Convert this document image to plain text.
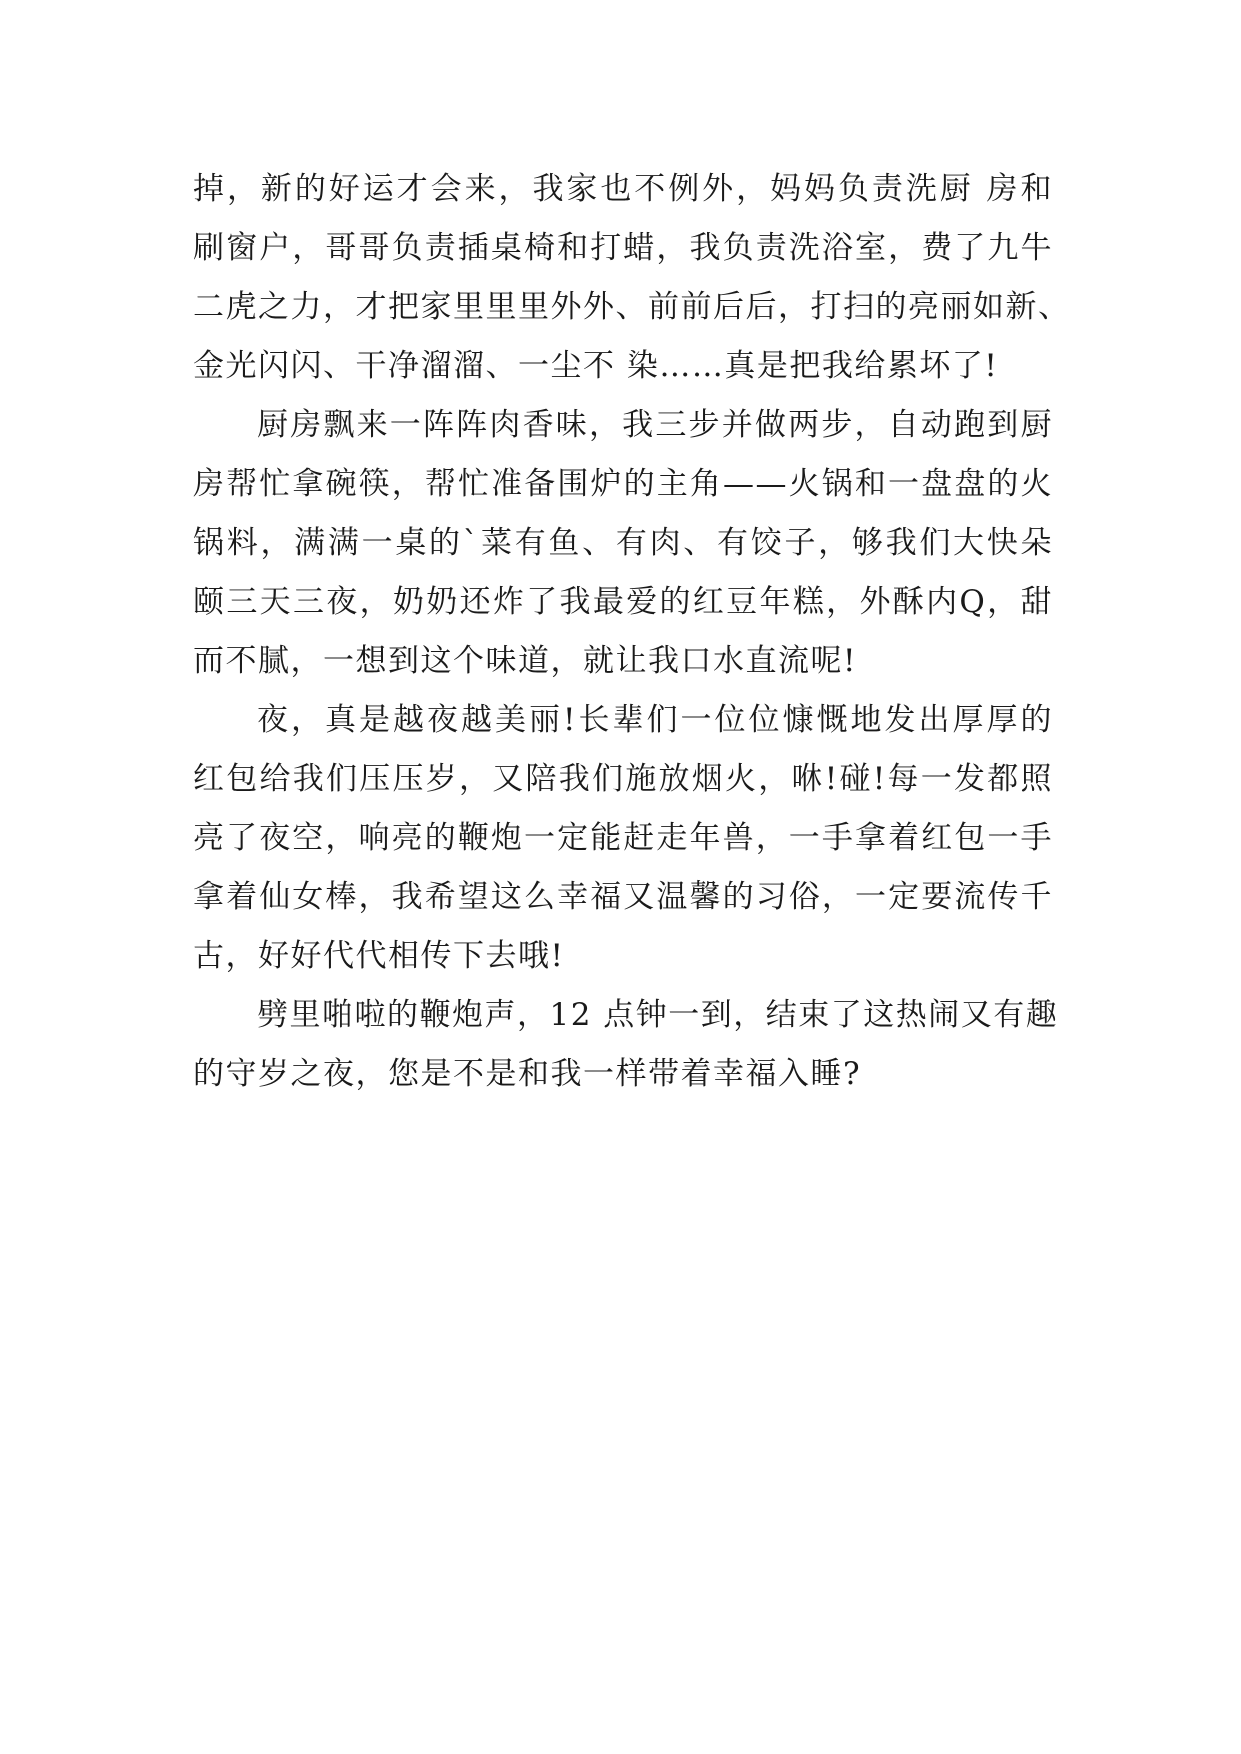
掉，新的好运才会来，我家也不例外，妈妈负责洗厨 房和
刷窗户，哥哥负责插桌椅和打蜡，我负责洗浴室，费了九牛
二虎之力，才把家里里里外外、前前后后，打扫的亮丽如新、
金光闪闪、干净溜溜、一尘不 染……真是把我给累坏了!
厨房飘来一阵阵肉香味，我三步并做两步，自动跑到厨
房帮忙拿碗筷，帮忙准备围炉的主角——火锅和一盘盘的火
锅料，满满一桌的`菜有鱼、有肉、有饺子，够我们大快朵
颐三天三夜，奶奶还炸了我最爱的红豆年糕，外酥内Q，甜
而不腻，一想到这个味道，就让我口水直流呢!
夜，真是越夜越美丽!长辈们一位位慷慨地发出厚厚的
红包给我们压压岁，又陪我们施放烟火，咻!碰!每一发都照
亮了夜空，响亮的鞭炮一定能赶走年兽，一手拿着红包一手
拿着仙女棒，我希望这么幸福又温馨的习俗，一定要流传千
古，好好代代相传下去哦!
劈里啪啦的鞭炮声，12 点钟一到，结束了这热闹又有趣
的守岁之夜，您是不是和我一样带着幸福入睡?
